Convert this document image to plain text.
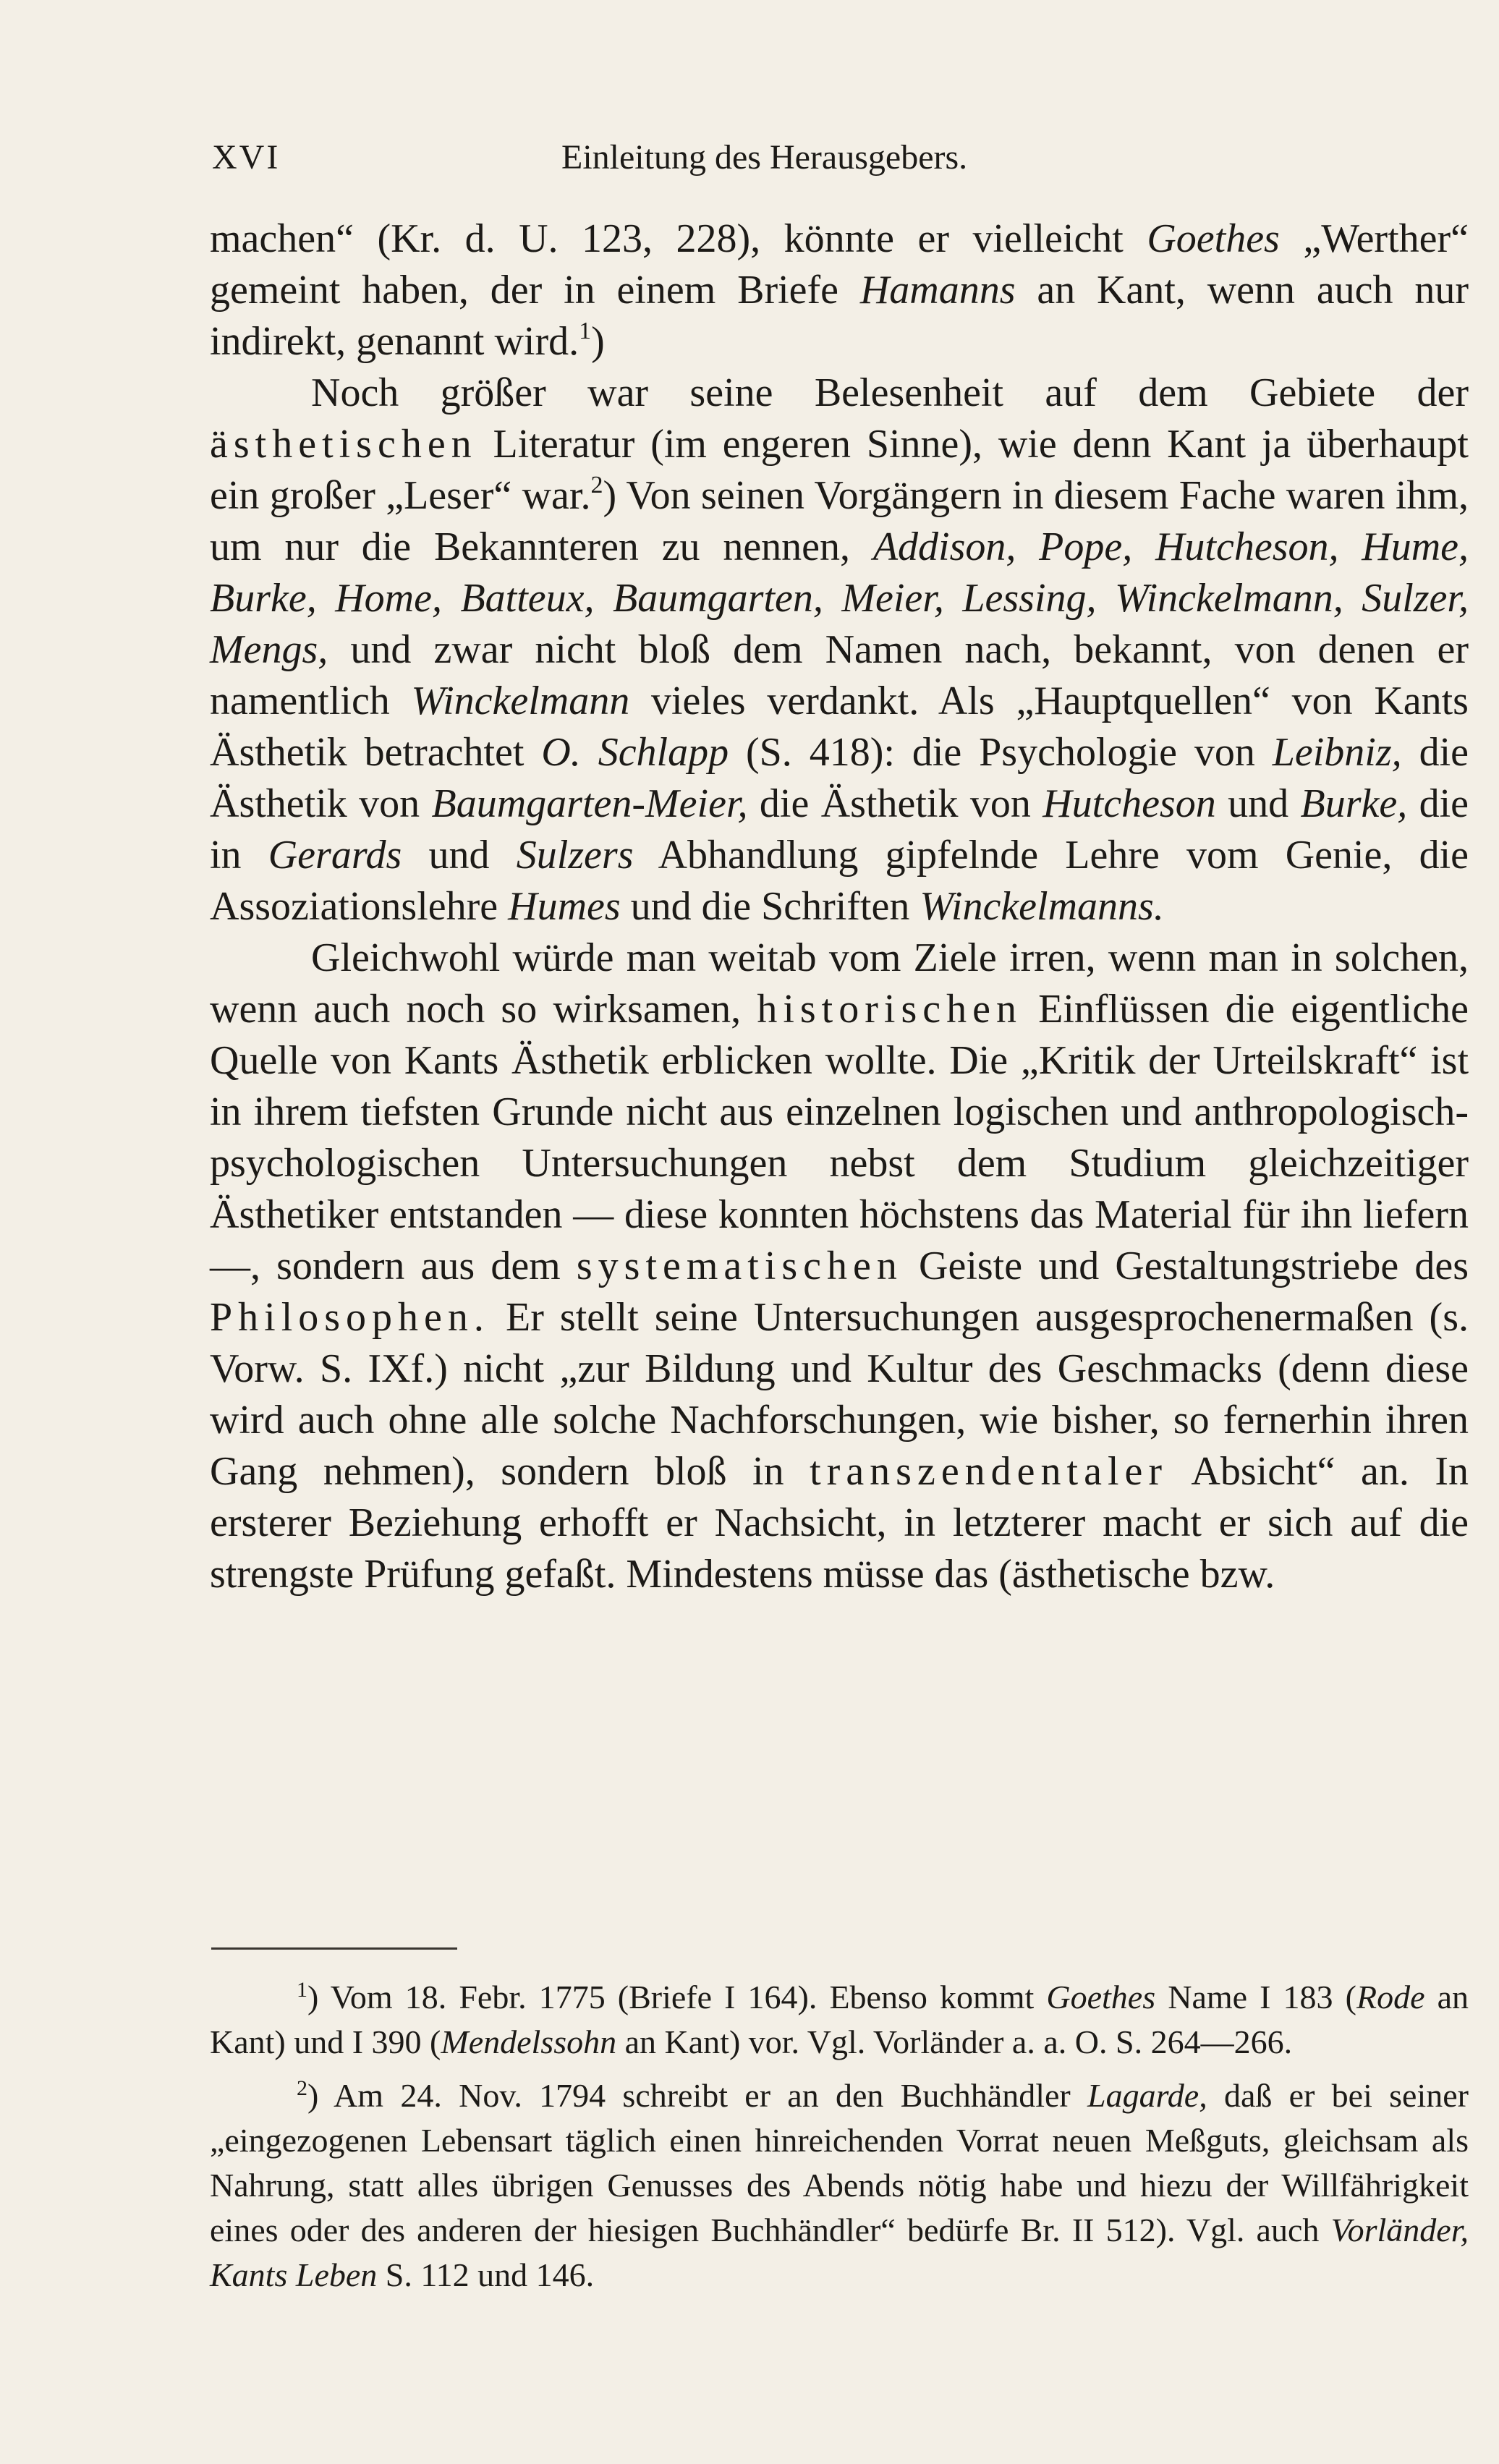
XVI	Einleitung des Herausgebers.

machen“ (Kr. d. U. 123, 228), könnte er vielleicht Goethes „Werther“ gemeint haben, der in einem Briefe Hamanns an Kant, wenn auch nur indirekt, genannt wird.$^1$)

Noch größer war seine Belesenheit auf dem Gebiete der ästhetischen Literatur (im engeren Sinne), wie denn Kant ja überhaupt ein großer „Leser“ war.$^2$) Von seinen Vorgängern in diesem Fache waren ihm, um nur die Bekannteren zu nennen, Addison, Pope, Hutcheson, Hume, Burke, Home, Batteux, Baumgarten, Meier, Lessing, Winckelmann, Sulzer, Mengs, und zwar nicht bloß dem Namen nach, bekannt, von denen er namentlich Winckelmann vieles verdankt. Als „Hauptquellen“ von Kants Ästhetik betrachtet O. Schlapp (S. 418): die Psychologie von Leibniz, die Ästhetik von Baumgarten-Meier, die Ästhetik von Hutcheson und Burke, die in Gerards und Sulzers Abhandlung gipfelnde Lehre vom Genie, die Assoziationslehre Humes und die Schriften Winckelmanns.

Gleichwohl würde man weitab vom Ziele irren, wenn man in solchen, wenn auch noch so wirksamen, historischen Einflüssen die eigentliche Quelle von Kants Ästhetik erblicken wollte. Die „Kritik der Urteilskraft“ ist in ihrem tiefsten Grunde nicht aus einzelnen logischen und anthropologisch-psychologischen Untersuchungen nebst dem Studium gleichzeitiger Ästhetiker entstanden — diese konnten höchstens das Material für ihn liefern —, sondern aus dem systematischen Geiste und Gestaltungstriebe des Philosophen. Er stellt seine Untersuchungen ausgesprochenermaßen (s. Vorw. S. IXf.) nicht „zur Bildung und Kultur des Geschmacks (denn diese wird auch ohne alle solche Nachforschungen, wie bisher, so fernerhin ihren Gang nehmen), sondern bloß in transzendentaler Absicht“ an. In ersterer Beziehung erhofft er Nachsicht, in letzterer macht er sich auf die strengste Prüfung gefaßt. Mindestens müsse das (ästhetische bzw.

$^1$) Vom 18. Febr. 1775 (Briefe I 164). Ebenso kommt Goethes Name I 183 (Rode an Kant) und I 390 (Mendelssohn an Kant) vor. Vgl. Vorländer a. a. O. S. 264—266.

$^2$) Am 24. Nov. 1794 schreibt er an den Buchhändler Lagarde, daß er bei seiner „eingezogenen Lebensart täglich einen hinreichenden Vorrat neuen Meßguts, gleichsam als Nahrung, statt alles übrigen Genusses des Abends nötig habe und hiezu der Willfährigkeit eines oder des anderen der hiesigen Buchhändler“ bedürfe Br. II 512). Vgl. auch Vorländer, Kants Leben S. 112 und 146.
